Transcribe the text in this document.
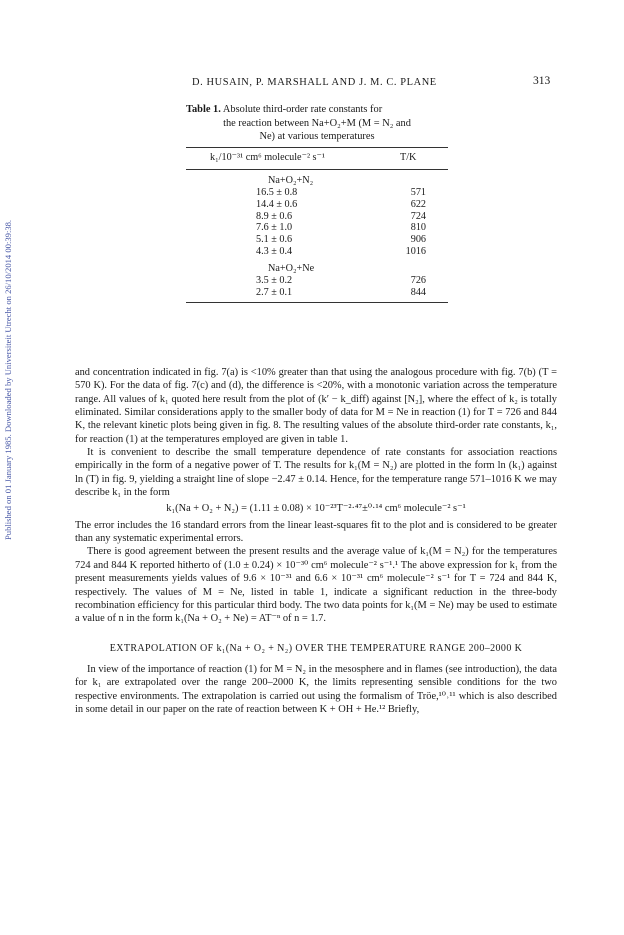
Published on 01 January 1985. Downloaded by Universiteit Utrecht on 26/10/2014 00:39:38.
D. HUSAIN, P. MARSHALL AND J. M. C. PLANE	313
Table 1. Absolute third-order rate constants for
the reaction between Na+O₂+M (M = N₂ and
Ne) at various temperatures
k₁/10⁻³¹ cm⁶ molecule⁻² s⁻¹	T/K
Na+O₂+N₂
16.5 ± 0.8	571
14.4 ± 0.6	622
8.9 ± 0.6	724
7.6 ± 1.0	810
5.1 ± 0.6	906
4.3 ± 0.4	1016
Na+O₂+Ne
3.5 ± 0.2	726
2.7 ± 0.1	844

and concentration indicated in fig. 7(a) is <10% greater than that using the analogous procedure with fig. 7(b) (T = 570 K). For the data of fig. 7(c) and (d), the difference is <20%, with a monotonic variation across the temperature range. All values of k₁ quoted here result from the plot of (k′ − k_diff) against [N₂], where the effect of k₂ is totally eliminated. Similar considerations apply to the smaller body of data for M = Ne in reaction (1) for T = 726 and 844 K, the relevant kinetic plots being given in fig. 8. The resulting values of the absolute third-order rate constants, k₁, for reaction (1) at the temperatures employed are given in table 1.

It is convenient to describe the small temperature dependence of rate constants for association reactions empirically in the form of a negative power of T. The results for k₁(M = N₂) are plotted in the form ln (k₁) against ln (T) in fig. 9, yielding a straight line of slope −2.47 ± 0.14. Hence, for the temperature range 571–1016 K we may describe k₁ in the form

k₁(Na + O₂ + N₂) = (1.11 ± 0.08) × 10⁻²³T⁻²·⁴⁷±⁰·¹⁴ cm⁶ molecule⁻² s⁻¹

The error includes the 16 standard errors from the linear least-squares fit to the plot and is considered to be greater than any systematic experimental errors.

There is good agreement between the present results and the average value of k₁(M = N₂) for the temperatures 724 and 844 K reported hitherto of (1.0 ± 0.24) × 10⁻³⁰ cm⁶ molecule⁻² s⁻¹.¹ The above expression for k₁ from the present measurements yields values of 9.6 × 10⁻³¹ and 6.6 × 10⁻³¹ cm⁶ molecule⁻² s⁻¹ for T = 724 and 844 K, respectively. The values of M = Ne, listed in table 1, indicate a significant reduction in the three-body recombination efficiency for this particular third body. The two data points for k₁(M = Ne) may be used to estimate a value of n in the form k₁(Na + O₂ + Ne) = AT⁻ⁿ of n = 1.7.

EXTRAPOLATION OF k₁(Na + O₂ + N₂) OVER THE TEMPERATURE RANGE 200–2000 K

In view of the importance of reaction (1) for M = N₂ in the mesosphere and in flames (see introduction), the data for k₁ are extrapolated over the range 200–2000 K, the limits representing sensible conditions for the two respective environments. The extrapolation is carried out using the formalism of Tröe,¹⁰˒¹¹ which is also described in some detail in our paper on the rate of reaction between K + OH + He.¹² Briefly,
